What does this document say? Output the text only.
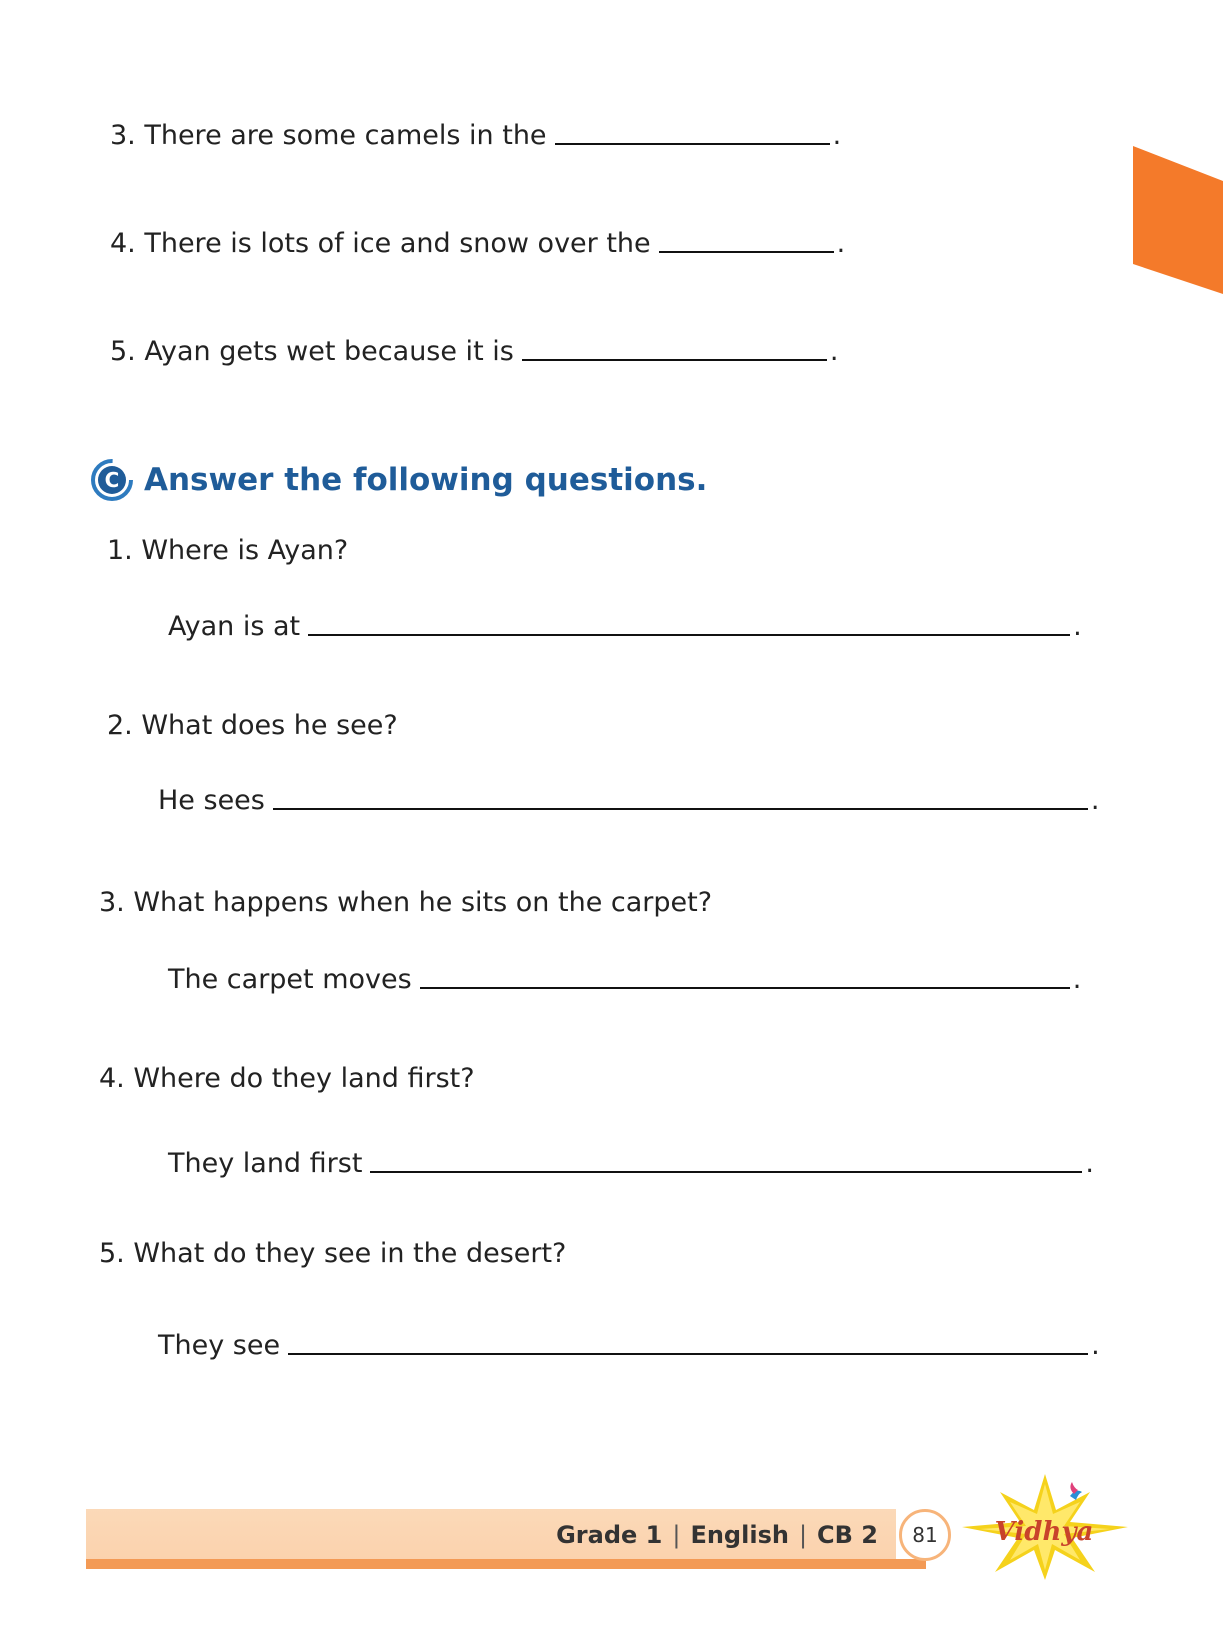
3. There are some camels in the	.
4. There is lots of ice and snow over the	.
5. Ayan gets wet because it is	.
C Answer the following questions.
1. Where is Ayan?
Ayan is at	.
2. What does he see?
He sees	.
3. What happens when he sits on the carpet?
The carpet moves	.
4. Where do they land first?
They land first	.
5. What do they see in the desert?
They see	.
Grade 1 | English | CB 2	81	Vidhya
